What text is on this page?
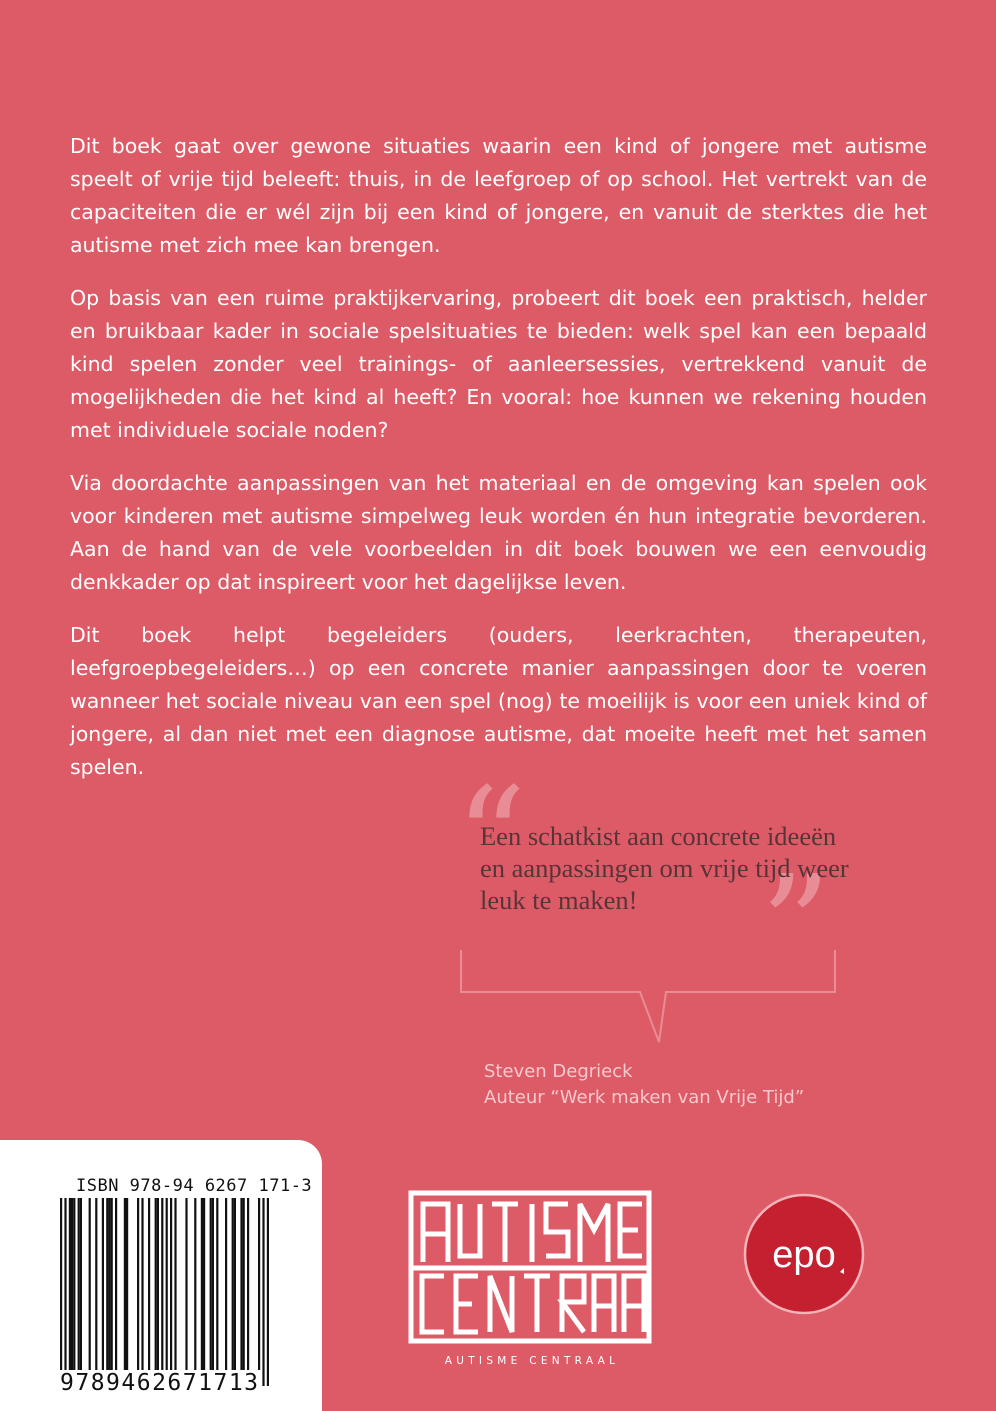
Dit boek gaat over gewone situaties waarin een kind of jongere met autisme speelt of vrije tijd beleeft: thuis, in de leefgroep of op school. Het vertrekt van de capaciteiten die er wél zijn bij een kind of jongere, en vanuit de sterktes die het autisme met zich mee kan brengen.

Op basis van een ruime praktijkervaring, probeert dit boek een praktisch, helder en bruikbaar kader in sociale spelsituaties te bieden: welk spel kan een bepaald kind spelen zonder veel trainings- of aanleersessies, vertrekkend vanuit de mogelijkheden die het kind al heeft? En vooral: hoe kunnen we rekening houden met individuele sociale noden?

Via doordachte aanpassingen van het materiaal en de omgeving kan spelen ook voor kinderen met autisme simpelweg leuk worden én hun integratie bevorderen. Aan de hand van de vele voorbeelden in dit boek bouwen we een eenvoudig denkkader op dat inspireert voor het dagelijkse leven.

Dit boek helpt begeleiders (ouders, leerkrachten, therapeuten, leefgroepbegeleiders…) op een concrete manier aanpassingen door te voeren wanneer het sociale niveau van een spel (nog) te moeilijk is voor een uniek kind of jongere, al dan niet met een diagnose autisme, dat moeite heeft met het samen spelen.	“
”

Een schatkist aan concrete ideeën en aanpassingen om vrije tijd weer leuk te maken!

Steven Degrieck
Auteur “Werk maken van Vrije Tijd”
ISBN 978-94 6267 171-3
9789462671713
AUTISME CENTRAAL
epo
